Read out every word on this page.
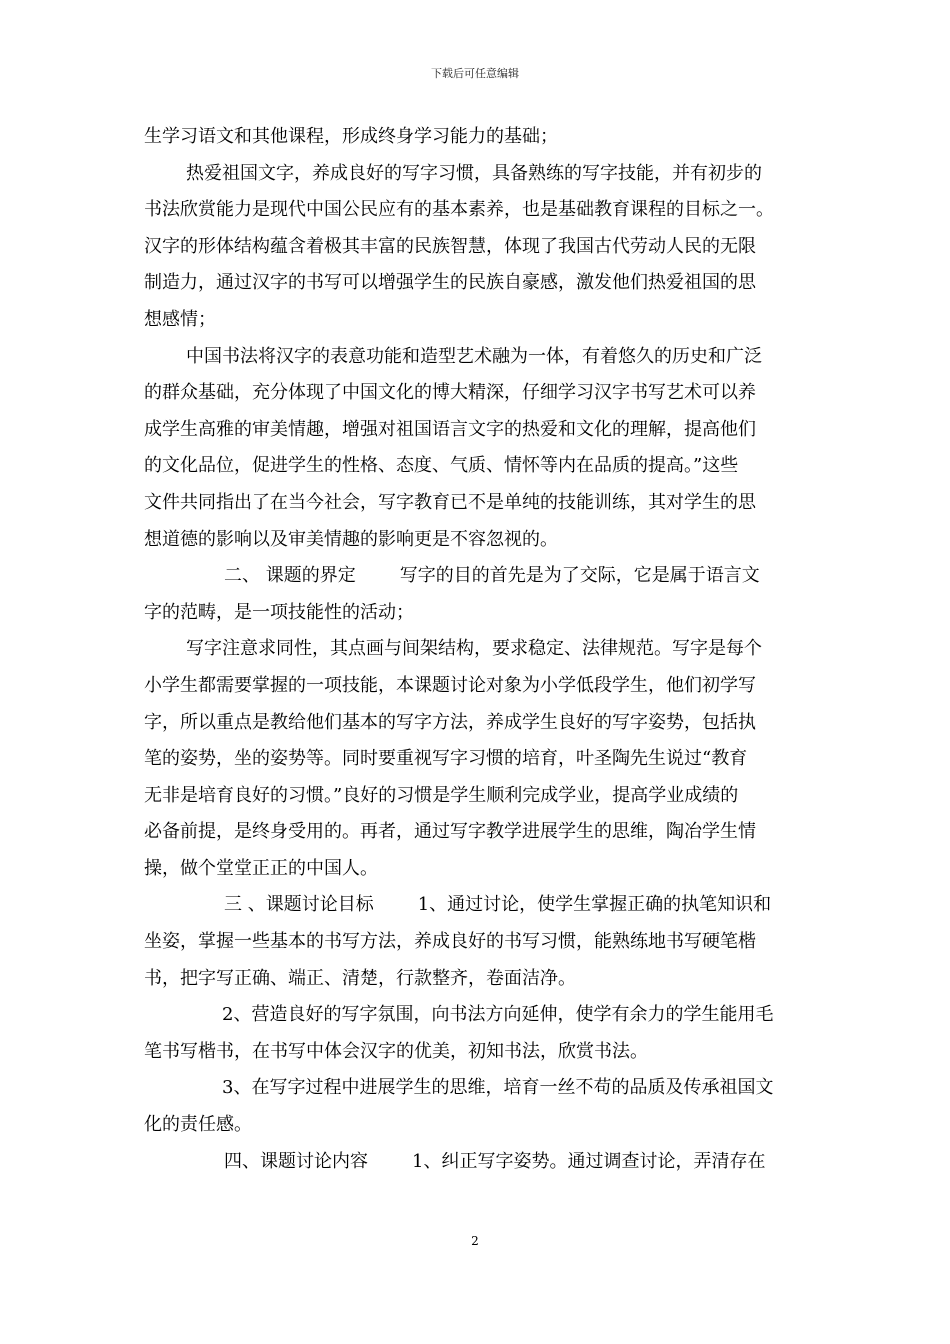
下载后可任意编辑
生学习语文和其他课程，形成终身学习能力的基础；
热爱祖国文字，养成良好的写字习惯，具备熟练的写字技能，并有初步的
书法欣赏能力是现代中国公民应有的基本素养，也是基础教育课程的目标之一。
汉字的形体结构蕴含着极其丰富的民族智慧，体现了我国古代劳动人民的无限
制造力，通过汉字的书写可以增强学生的民族自豪感，激发他们热爱祖国的思
想感情；
中国书法将汉字的表意功能和造型艺术融为一体，有着悠久的历史和广泛
的群众基础，充分体现了中国文化的博大精深，仔细学习汉字书写艺术可以养
成学生高雅的审美情趣，增强对祖国语言文字的热爱和文化的理解，提高他们
的文化品位，促进学生的性格、态度、气质、情怀等内在品质的提高。”这些
文件共同指出了在当今社会，写字教育已不是单纯的技能训练，其对学生的思
想道德的影响以及审美情趣的影响更是不容忽视的。
二、 课题的界定 写字的目的首先是为了交际，它是属于语言文
字的范畴，是一项技能性的活动；
写字注意求同性，其点画与间架结构，要求稳定、法律规范。写字是每个
小学生都需要掌握的一项技能，本课题讨论对象为小学低段学生，他们初学写
字，所以重点是教给他们基本的写字方法，养成学生良好的写字姿势，包括执
笔的姿势，坐的姿势等。同时要重视写字习惯的培育，叶圣陶先生说过“教育
无非是培育良好的习惯。”良好的习惯是学生顺利完成学业，提高学业成绩的
必备前提，是终身受用的。再者，通过写字教学进展学生的思维，陶冶学生情
操，做个堂堂正正的中国人。
三 、课题讨论目标 1、通过讨论，使学生掌握正确的执笔知识和
坐姿，掌握一些基本的书写方法，养成良好的书写习惯，能熟练地书写硬笔楷
书，把字写正确、端正、清楚，行款整齐，卷面洁净。
2、营造良好的写字氛围，向书法方向延伸，使学有余力的学生能用毛
笔书写楷书，在书写中体会汉字的优美，初知书法，欣赏书法。
3、在写字过程中进展学生的思维，培育一丝不苟的品质及传承祖国文
化的责任感。
四、课题讨论内容 1、纠正写字姿势。通过调查讨论，弄清存在
2
